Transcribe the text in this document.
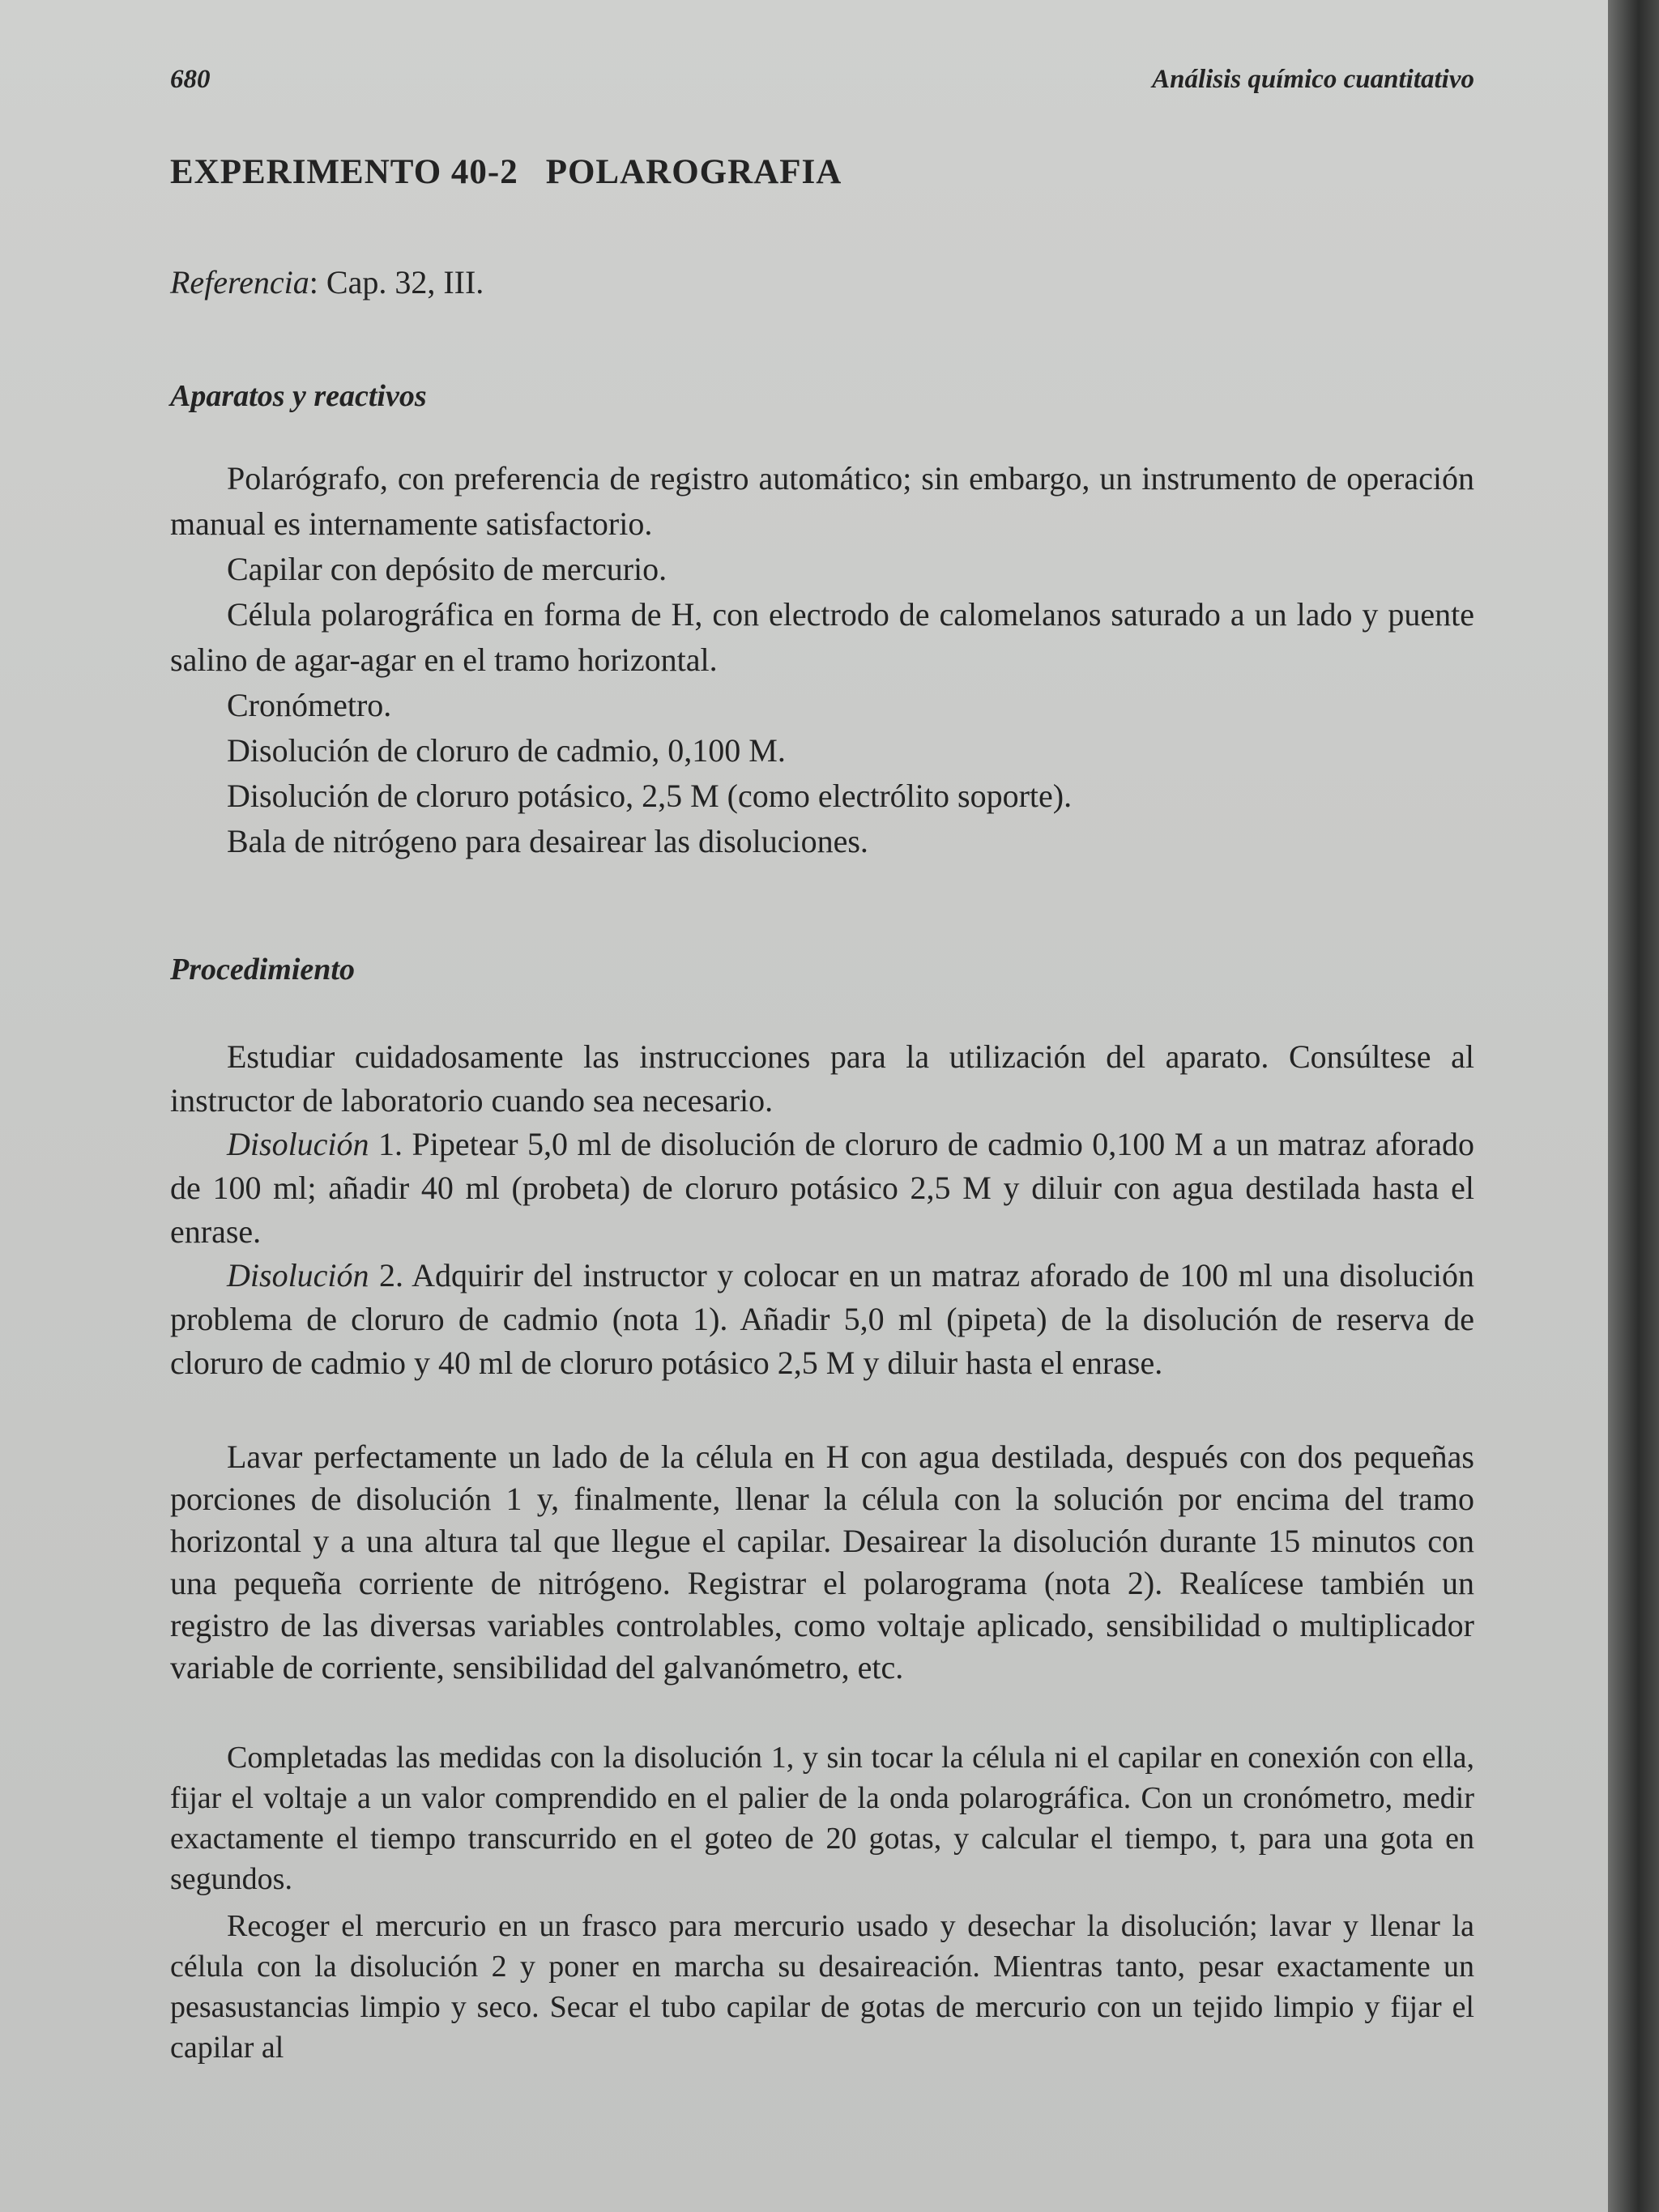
680	Análisis químico cuantitativo
EXPERIMENTO 40-2 POLAROGRAFIA
Referencia: Cap. 32, III.
Aparatos y reactivos

Polarógrafo, con preferencia de registro automático; sin embargo, un instrumento de operación manual es internamente satisfactorio.

Capilar con depósito de mercurio.

Célula polarográfica en forma de H, con electrodo de calomelanos saturado a un lado y puente salino de agar-agar en el tramo horizontal.

Cronómetro.

Disolución de cloruro de cadmio, 0,100 M.

Disolución de cloruro potásico, 2,5 M (como electrólito soporte).

Bala de nitrógeno para desairear las disoluciones.

Procedimiento

Estudiar cuidadosamente las instrucciones para la utilización del aparato. Consúltese al instructor de laboratorio cuando sea necesario.

Disolución 1. Pipetear 5,0 ml de disolución de cloruro de cadmio 0,100 M a un matraz aforado de 100 ml; añadir 40 ml (probeta) de cloruro potásico 2,5 M y diluir con agua destilada hasta el enrase.

Disolución 2. Adquirir del instructor y colocar en un matraz aforado de 100 ml una disolución problema de cloruro de cadmio (nota 1). Añadir 5,0 ml (pipeta) de la disolución de reserva de cloruro de cadmio y 40 ml de cloruro potásico 2,5 M y diluir hasta el enrase.

Lavar perfectamente un lado de la célula en H con agua destilada, después con dos pequeñas porciones de disolución 1 y, finalmente, llenar la célula con la solución por encima del tramo horizontal y a una altura tal que llegue el capilar. Desairear la disolución durante 15 minutos con una pequeña corriente de nitrógeno. Registrar el polarograma (nota 2). Realícese también un registro de las diversas variables controlables, como voltaje aplicado, sensibilidad o multiplicador variable de corriente, sensibilidad del galvanómetro, etc.

Completadas las medidas con la disolución 1, y sin tocar la célula ni el capilar en conexión con ella, fijar el voltaje a un valor comprendido en el palier de la onda polarográfica. Con un cronómetro, medir exactamente el tiempo transcurrido en el goteo de 20 gotas, y calcular el tiempo, t, para una gota en segundos.

Recoger el mercurio en un frasco para mercurio usado y desechar la disolución; lavar y llenar la célula con la disolución 2 y poner en marcha su desaireación. Mientras tanto, pesar exactamente un pesasustancias limpio y seco. Secar el tubo capilar de gotas de mercurio con un tejido limpio y fijar el capilar al
